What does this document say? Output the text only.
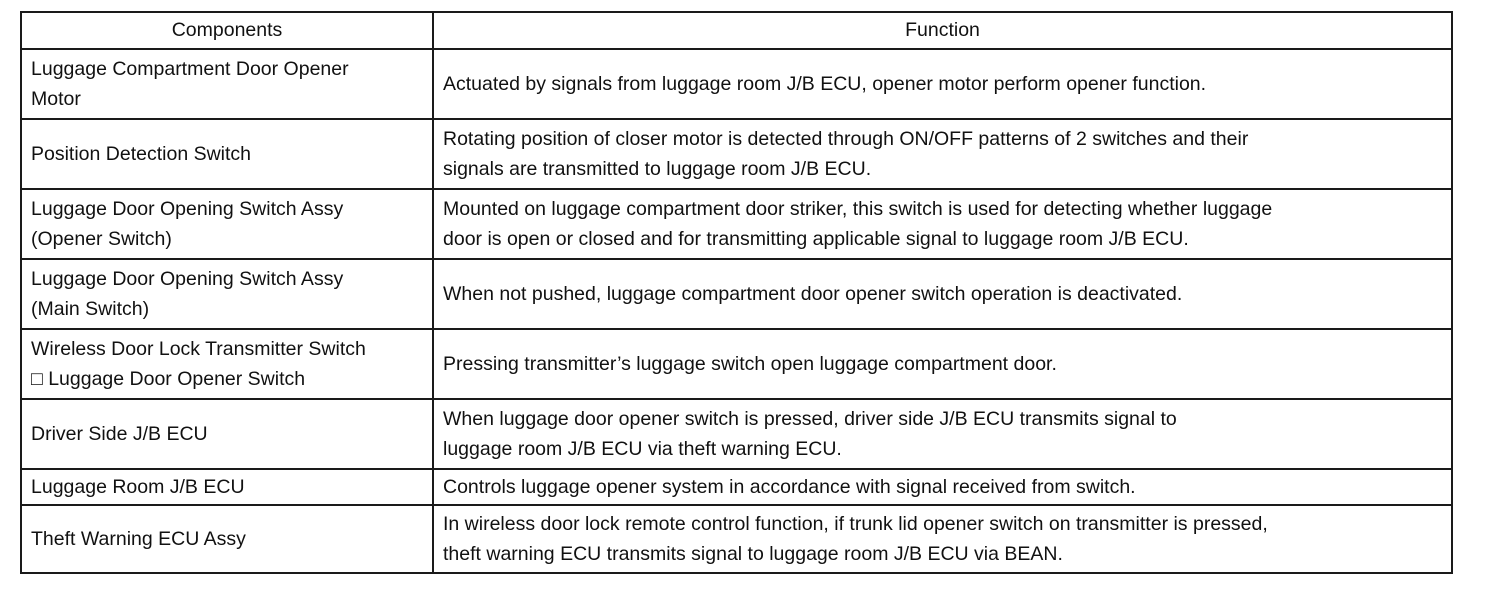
Components	Function
Luggage Compartment Door Opener
Motor	Actuated by signals from luggage room J/B ECU, opener motor perform opener function.
Position Detection Switch	Rotating position of closer motor is detected through ON/OFF patterns of 2 switches and their
signals are transmitted to luggage room J/B ECU.
Luggage Door Opening Switch Assy
(Opener Switch)	Mounted on luggage compartment door striker, this switch is used for detecting whether luggage
door is open or closed and for transmitting applicable signal to luggage room J/B ECU.
Luggage Door Opening Switch Assy
(Main Switch)	When not pushed, luggage compartment door opener switch operation is deactivated.
Wireless Door Lock Transmitter Switch
□ Luggage Door Opener Switch	Pressing transmitter’s luggage switch open luggage compartment door.
Driver Side J/B ECU	When luggage door opener switch is pressed, driver side J/B ECU transmits signal to
luggage room J/B ECU via theft warning ECU.
Luggage Room J/B ECU	Controls luggage opener system in accordance with signal received from switch.
Theft Warning ECU Assy	In wireless door lock remote control function, if trunk lid opener switch on transmitter is pressed,
theft warning ECU transmits signal to luggage room J/B ECU via BEAN.
